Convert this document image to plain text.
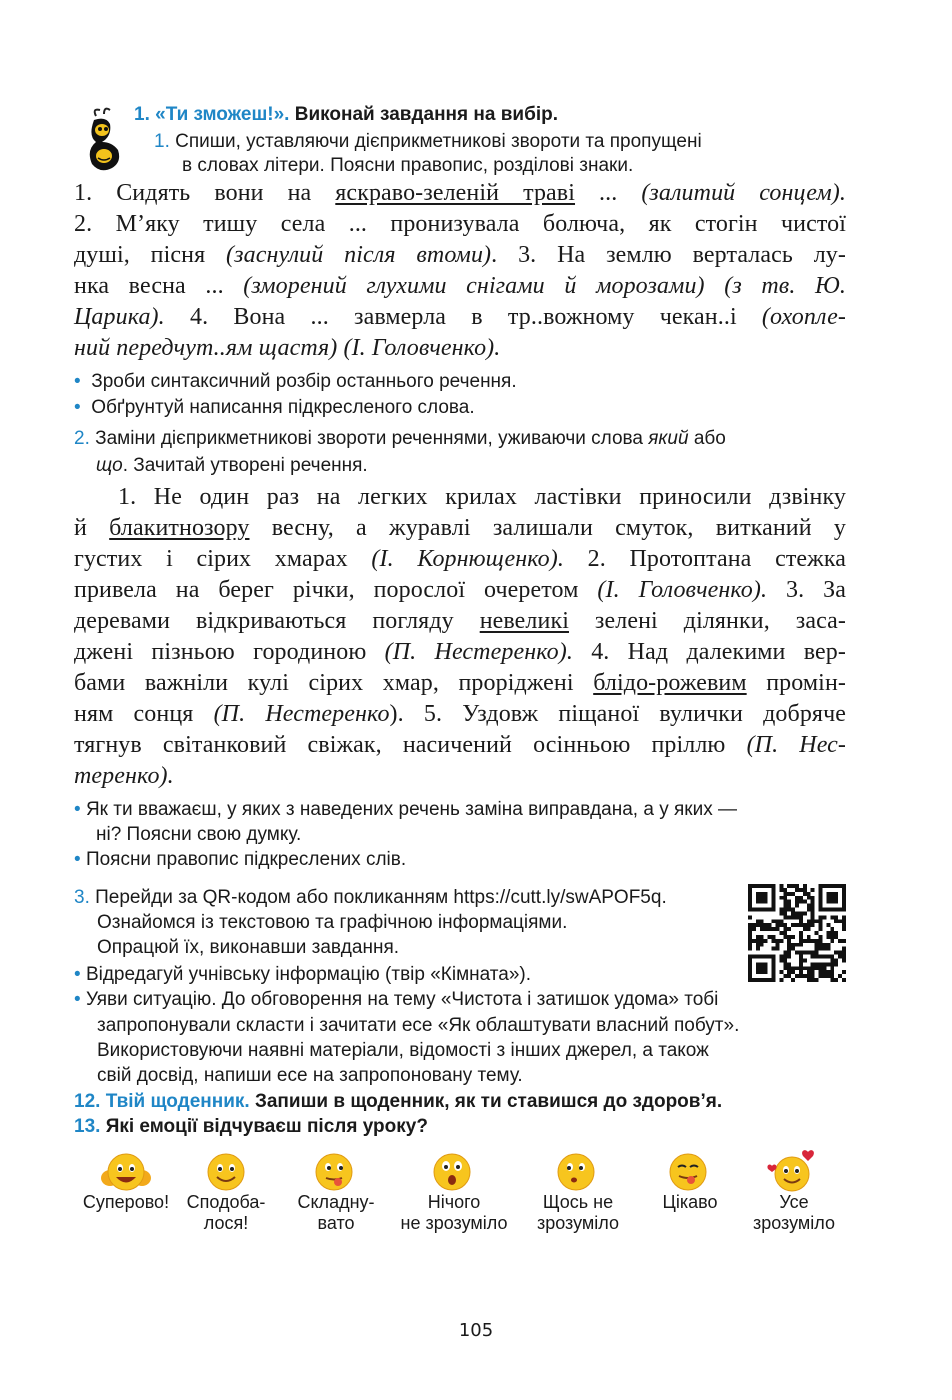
1. «Ти зможеш!». Виконай завдання на вибір.
1. Спиши, уставляючи дієприкметникові звороти та пропущені
в словах літери. Поясни правопис, розділові знаки.
1. Сидять вони на яскраво-зеленій траві ... (залитий сонцем).
2. М’яку тишу села ... пронизувала болюча, як стогін чистої
душі, пісня (заснулий після втоми). 3. На землю верталась лу-
нка весна ... (зморений глухими снігами й морозами) (з тв. Ю.
Царика). 4. Вона ... завмерла в тр..вожному чекан..і (охопле-
ний передчут..ям щастя) (І. Головченко).
• Зроби синтаксичний розбір останнього речення.
• Обґрунтуй написання підкресленого слова.
2. Заміни дієприкметникові звороти реченнями, уживаючи слова який або
що. Зачитай утворені речення.
1. Не один раз на легких крилах ластівки приносили дзвінку
й блакитнозору весну, а журавлі залишали смуток, витканий у
густих і сірих хмарах (І. Корнющенко). 2. Протоптана стежка
привела на берег річки, порослої очеретом (І. Головченко). 3. За
деревами відкриваються погляду невеликі зелені ділянки, заса-
джені пізньою городиною (П. Нестеренко). 4. Над далекими вер-
бами важніли кулі сірих хмар, проріджені блідо-рожевим промін-
ням сонця (П. Нестеренко). 5. Уздовж піщаної вулички добряче
тягнув світанковий свіжак, насичений осінньою пріллю (П. Нес-
теренко).
• Як ти вважаєш, у яких з наведених речень заміна виправдана, а у яких —
ні? Поясни свою думку.
• Поясни правопис підкреслених слів.
3. Перейди за QR-кодом або покликанням https://cutt.ly/swAPOF5q.
Ознайомся із текстовою та графічною інформаціями.
Опрацюй їх, виконавши завдання.
• Відредагуй учнівську інформацію (твір «Кімната»).
• Уяви ситуацію. До обговорення на тему «Чистота і затишок удома» тобі
запропонували скласти і зачитати есе «Як облаштувати власний побут».
Використовуючи наявні матеріали, відомості з інших джерел, а також
свій досвід, напиши есе на запропоновану тему.
12. Твій щоденник. Запиши в щоденник, як ти ставишся до здоров’я.
13. Які емоції відчуваєш після уроку?
Суперово! Сподоба-
лося!
Складну-
вато
Нічого
не зрозуміло
Щось не
зрозуміло
Цікаво	Усе
зрозуміло
105
